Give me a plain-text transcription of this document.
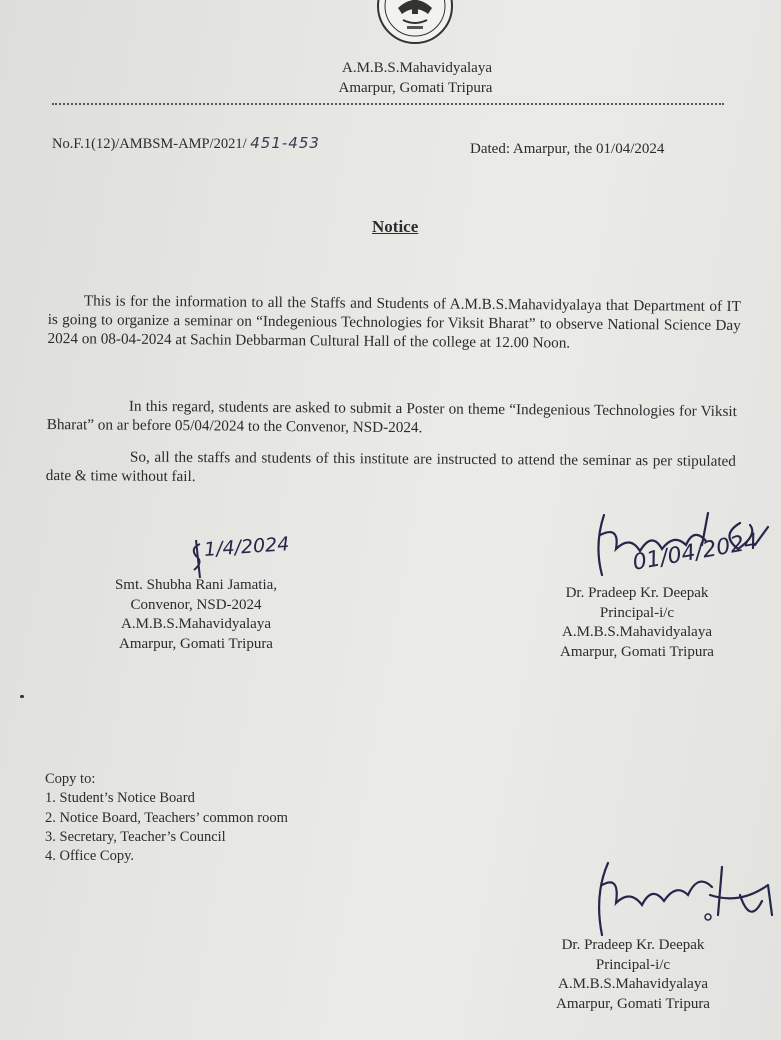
A.M.B.S.Mahavidyalaya
Amarpur, Gomati Tripura
No.F.1(12)/AMBSM-AMP/2021/ 451-453	Dated: Amarpur, the 01/04/2024
Notice
This is for the information to all the Staffs and Students of A.M.B.S.Mahavidyalaya that Department of IT is going to organize a seminar on “Indegenious Technologies for Viksit Bharat” to observe National Science Day 2024 on 08-04-2024 at Sachin Debbarman Cultural Hall of the college at 12.00 Noon.
In this regard, students are asked to submit a Poster on theme “Indegenious Technologies for Viksit Bharat” on ar before 05/04/2024 to the Convenor, NSD-2024.
So, all the staffs and students of this institute are instructed to attend the seminar as per stipulated date & time without fail.
1/4/2024
Smt. Shubha Rani Jamatia,
Convenor, NSD-2024
A.M.B.S.Mahavidyalaya
Amarpur, Gomati Tripura
01/04/2024
Dr. Pradeep Kr. Deepak
Principal-i/c
A.M.B.S.Mahavidyalaya
Amarpur, Gomati Tripura
Copy to:
1. Student’s Notice Board
2. Notice Board, Teachers’ common room
3. Secretary, Teacher’s Council
4. Office Copy.
Dr. Pradeep Kr. Deepak
Principal-i/c
A.M.B.S.Mahavidyalaya
Amarpur, Gomati Tripura
